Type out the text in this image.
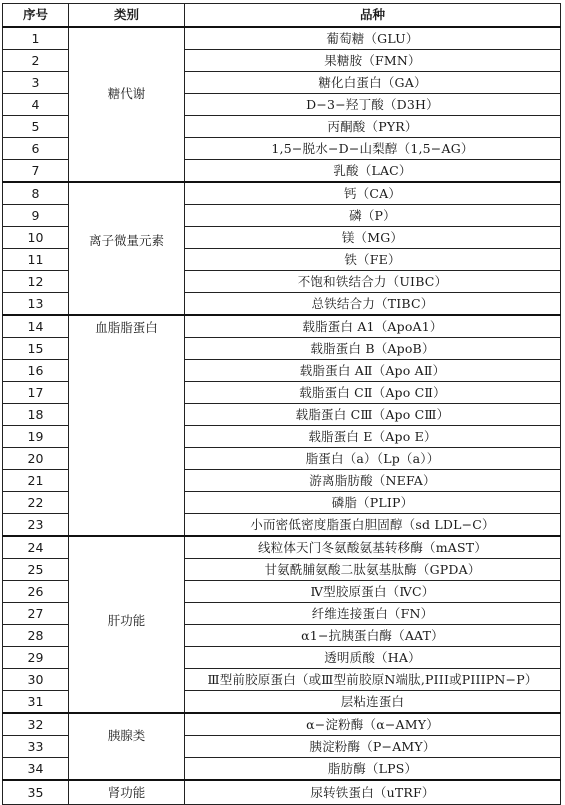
序号	类别	品种
1	糖代谢	葡萄糖（GLU）
2		果糖胺（FMN）
3		糖化白蛋白（GA）
4		D−3−羟丁酸（D3H）
5		丙酮酸（PYR）
6		1,5−脱水−D−山梨醇（1,5−AG）
7		乳酸（LAC）
8	离子微量元素	钙（CA）
9		磷（P）
10		镁（MG）
11		铁（FE）
12		不饱和铁结合力（UIBC）
13		总铁结合力（TIBC）
14	血脂脂蛋白	载脂蛋白 A1（ApoA1）
15		载脂蛋白 B（ApoB）
16		载脂蛋白 AⅡ（Apo AⅡ）
17		载脂蛋白 CⅡ（Apo CⅡ）
18		载脂蛋白 CⅢ（Apo CⅢ）
19		载脂蛋白 E（Apo E）
20		脂蛋白（a）（Lp（a））
21		游离脂肪酸（NEFA）
22		磷脂（PLIP）
23		小而密低密度脂蛋白胆固醇（sd LDL−C）
24	肝功能	线粒体天门冬氨酸氨基转移酶（mAST）
25		甘氨酰脯氨酸二肽氨基肽酶（GPDA）
26		Ⅳ型胶原蛋白（ⅣC）
27		纤维连接蛋白（FN）
28		α1−抗胰蛋白酶（AAT）
29		透明质酸（HA）
30		Ⅲ型前胶原蛋白（或Ⅲ型前胶原N端肽,PIII或PIIIPN−P）
31		层粘连蛋白
32	胰腺类	α−淀粉酶（α−AMY）
33		胰淀粉酶（P−AMY）
34		脂肪酶（LPS）
35	肾功能	尿转铁蛋白（uTRF）
